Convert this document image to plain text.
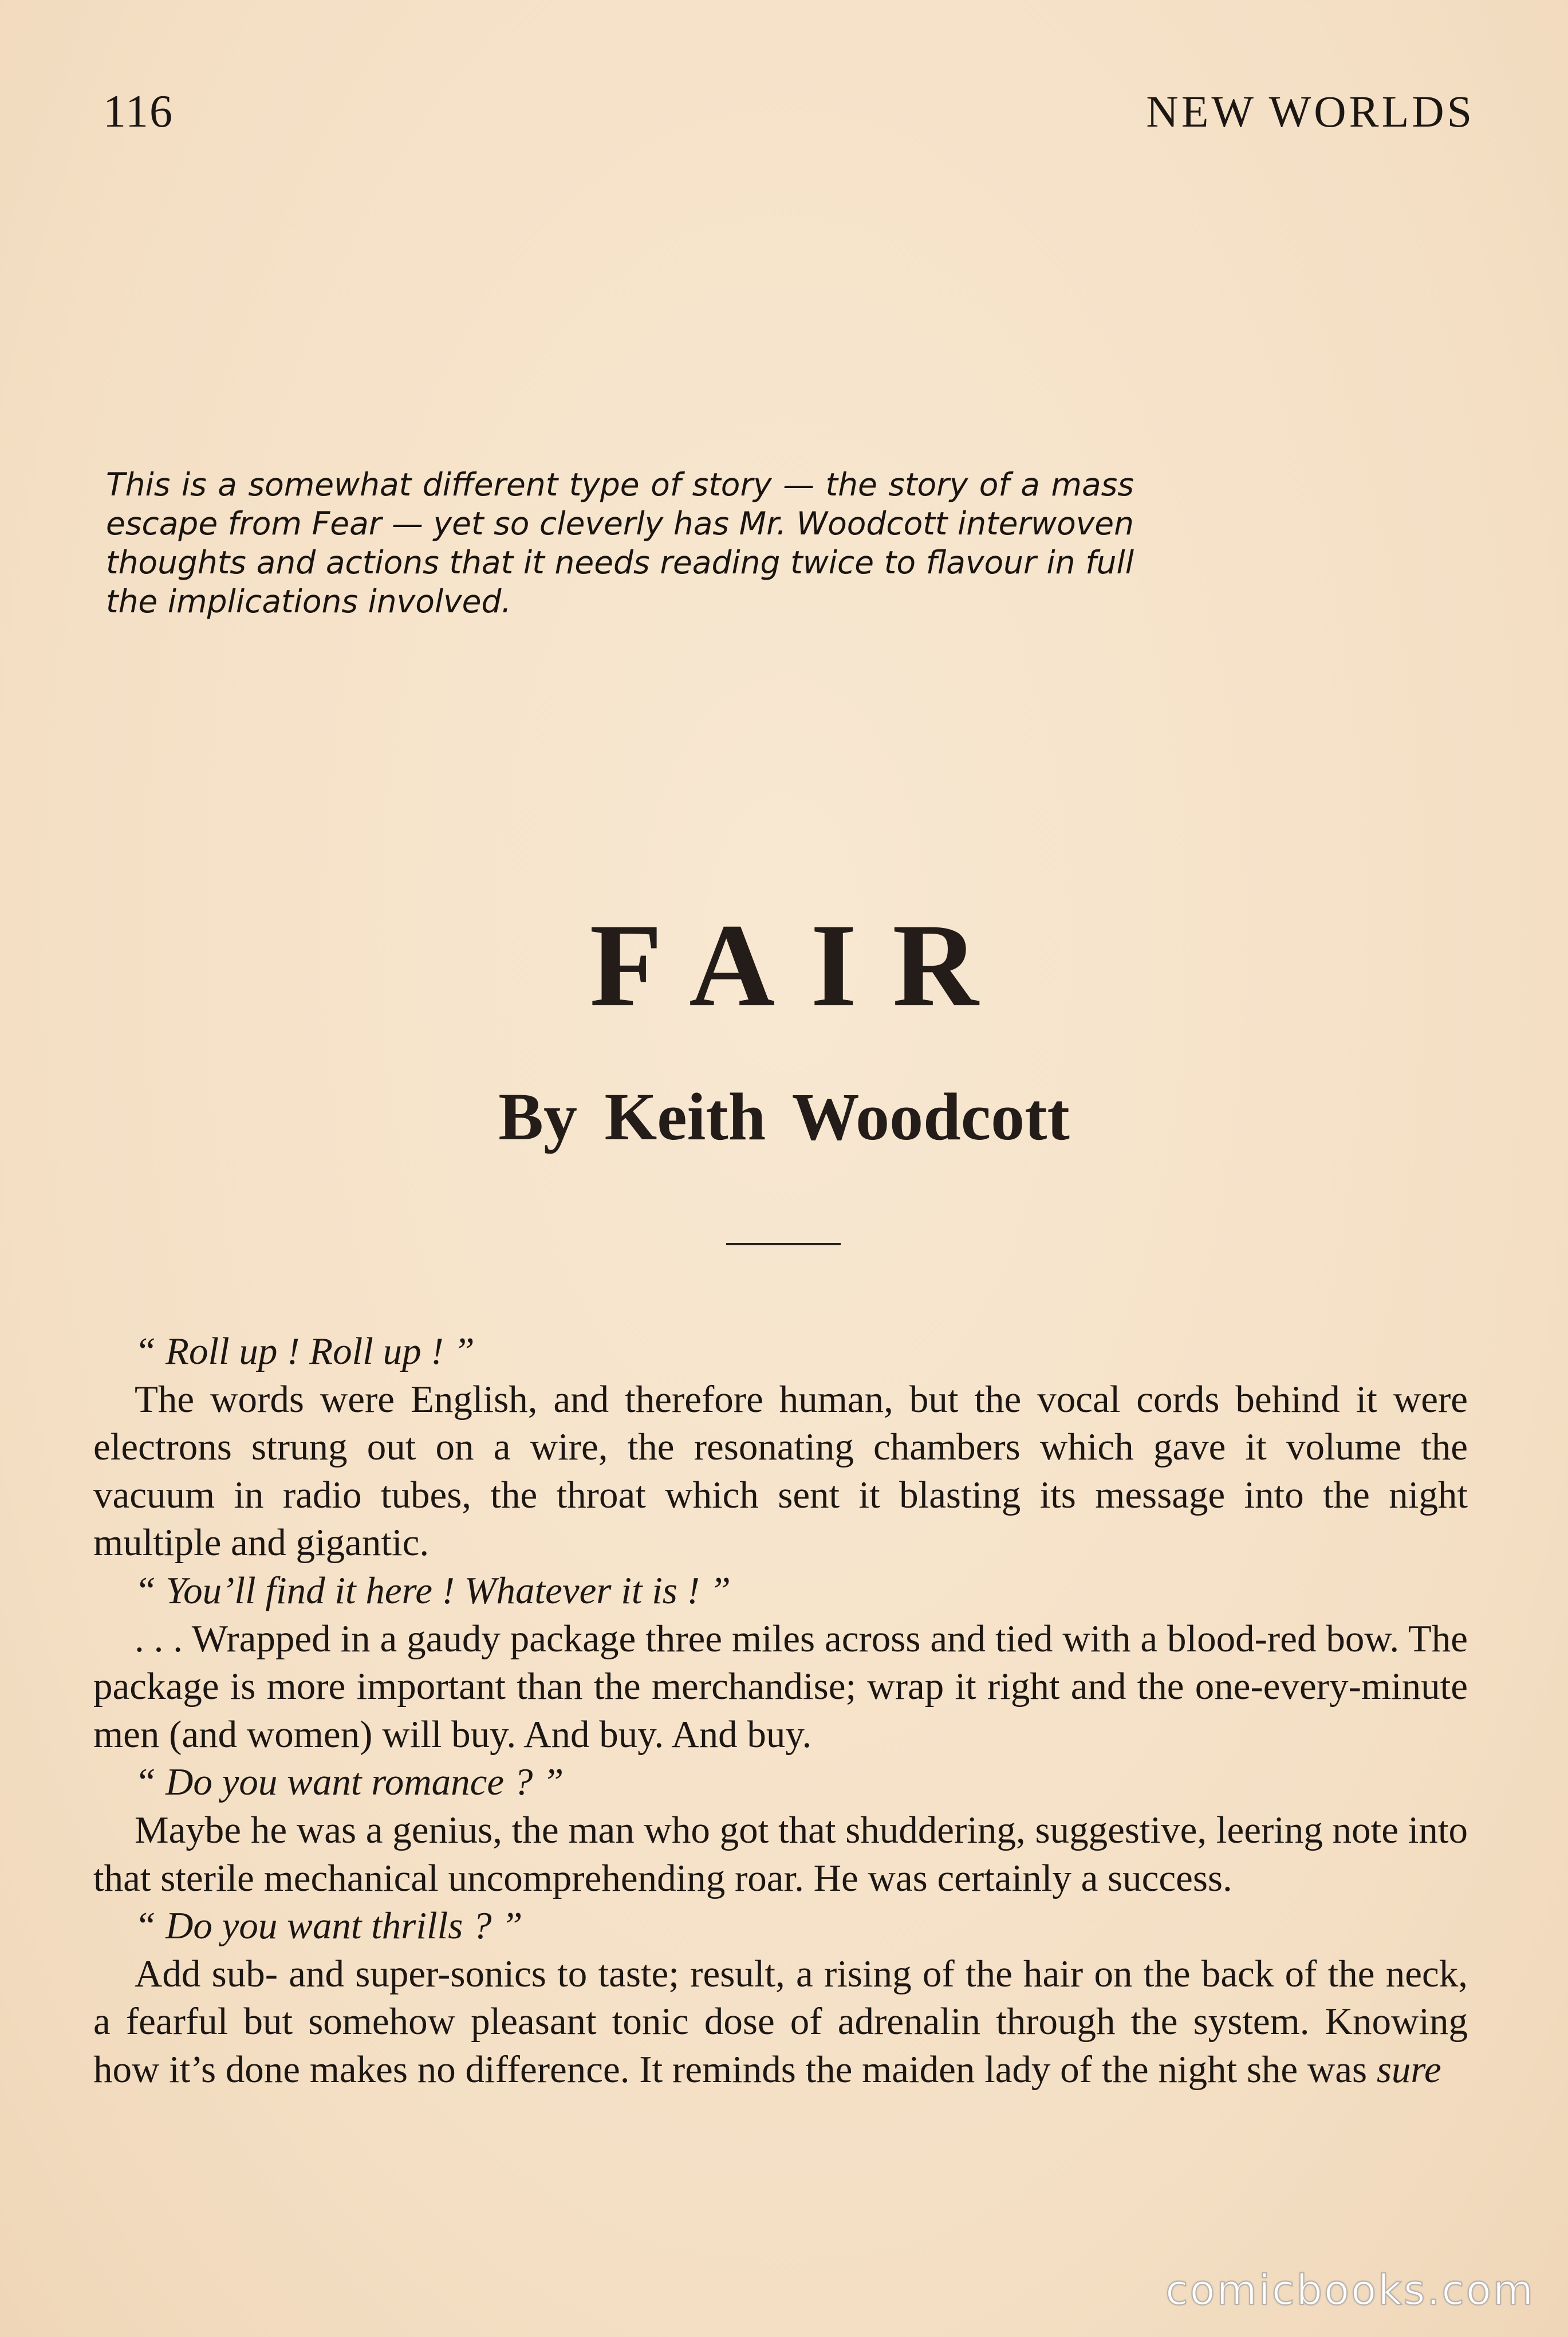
116	NEW WORLDS
This is a somewhat different type of story — the story of a mass escape from Fear — yet so cleverly has Mr. Woodcott interwoven thoughts and actions that it needs reading twice to flavour in full the implications involved.
FAIR
By Keith Woodcott

“ Roll up ! Roll up ! ”

The words were English, and therefore human, but the vocal cords behind it were electrons strung out on a wire, the resonating chambers which gave it volume the vacuum in radio tubes, the throat which sent it blasting its message into the night multiple and gigantic.

“ You’ll find it here ! Whatever it is ! ”

. . . Wrapped in a gaudy package three miles across and tied with a blood-red bow. The package is more important than the merchandise; wrap it right and the one-every-minute men (and women) will buy. And buy. And buy.

“ Do you want romance ? ”

Maybe he was a genius, the man who got that shuddering, suggestive, leering note into that sterile mechanical uncomprehending roar. He was certainly a success.

“ Do you want thrills ? ”

Add sub- and super-sonics to taste; result, a rising of the hair on the back of the neck, a fearful but somehow pleasant tonic dose of adrenalin through the system. Knowing how it’s done makes no difference. It reminds the maiden lady of the night she was sure

comicbooks.com
